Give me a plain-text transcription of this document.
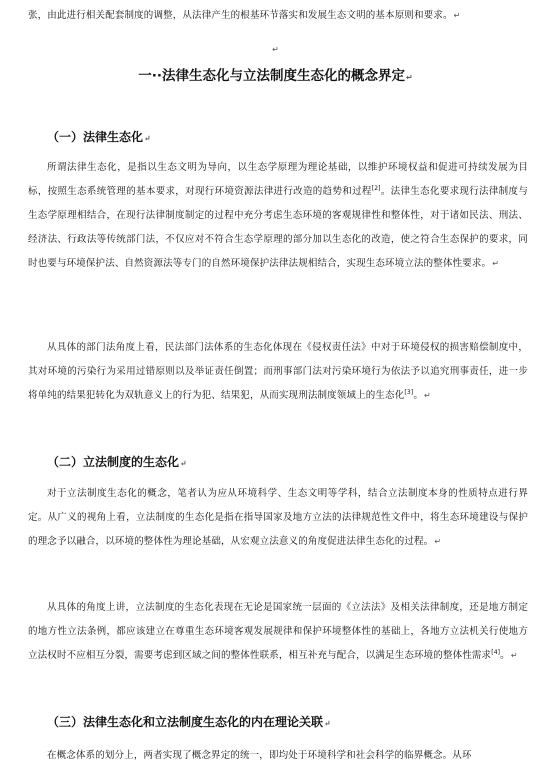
张，由此进行相关配套制度的调整，从法律产生的根基环节落实和发展生态文明的基本原则和要求。↵

↵

一··法律生态化与立法制度生态化的概念界定↵

（一）法律生态化↵

所谓法律生态化，是指以生态文明为导向，以生态学原理为理论基础，以维护环境权益和促进可持续发展为目标，按照生态系统管理的基本要求，对现行环境资源法律进行改造的趋势和过程[2]。法律生态化要求现行法律制度与生态学原理相结合，在现行法律制度制定的过程中充分考虑生态环境的客观规律性和整体性，对于诸如民法、刑法、经济法、行政法等传统部门法，不仅应对不符合生态学原理的部分加以生态化的改造，使之符合生态保护的要求，同时也要与环境保护法、自然资源法等专门的自然环境保护法律法规相结合，实现生态环境立法的整体性要求。↵

从具体的部门法角度上看，民法部门法体系的生态化体现在《侵权责任法》中对于环境侵权的损害赔偿制度中，其对环境的污染行为采用过错原则以及举证责任倒置；而刑事部门法对污染环境行为依法予以追究刑事责任，进一步将单纯的结果犯转化为双轨意义上的行为犯、结果犯，从而实现刑法制度领域上的生态化[3]。↵

（二）立法制度的生态化↵

对于立法制度生态化的概念，笔者认为应从环境科学、生态文明等学科，结合立法制度本身的性质特点进行界定。从广义的视角上看，立法制度的生态化是指在指导国家及地方立法的法律规范性文件中，将生态环境建设与保护的理念予以融合，以环境的整体性为理论基础，从宏观立法意义的角度促进法律生态化的过程。↵

从具体的角度上讲，立法制度的生态化表现在无论是国家统一层面的《立法法》及相关法律制度，还是地方制定的地方性立法条例，都应该建立在尊重生态环境客观发展规律和保护环境整体性的基础上，各地方立法机关行使地方立法权时不应相互分裂，需要考虑到区域之间的整体性联系，相互补充与配合，以满足生态环境的整体性需求[4]。↵

（三）法律生态化和立法制度生态化的内在理论关联↵

在概念体系的划分上，两者实现了概念界定的统一，即均处于环境科学和社会科学的临界概念。从环
